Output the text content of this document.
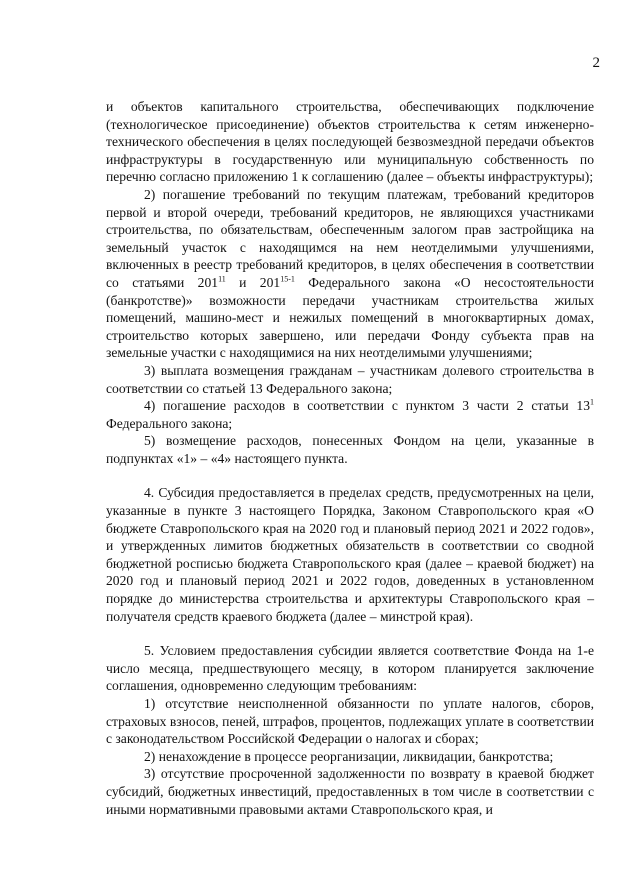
2

и объектов капитального строительства, обеспечивающих подключение (технологическое присоединение) объектов строительства к сетям инженерно-технического обеспечения в целях последующей безвозмездной передачи объектов инфраструктуры в государственную или муниципальную собственность по перечню согласно приложению 1 к соглашению (далее – объекты инфраструктуры);

2) погашение требований по текущим платежам, требований кредиторов первой и второй очереди, требований кредиторов, не являющихся участниками строительства, по обязательствам, обеспеченным залогом прав застройщика на земельный участок с находящимся на нем неотделимыми улучшениями, включенных в реестр требований кредиторов, в целях обеспечения в соответствии со статьями $201^{11}$ и 201$^{15-1}$ Федерального закона «О несостоятельности (банкротстве)» возможности передачи участникам строительства жилых помещений, машино-мест и нежилых помещений в многоквартирных домах, строительство которых завершено, или передачи Фонду субъекта прав на земельные участки с находящимися на них неотделимыми улучшениями;

3) выплата возмещения гражданам – участникам долевого строительства в соответствии со статьей 13 Федерального закона;

4) погашение расходов в соответствии с пунктом 3 части 2 статьи $13^1$ Федерального закона;

5) возмещение расходов, понесенных Фондом на цели, указанные в подпунктах «1» – «4» настоящего пункта.

4. Субсидия предоставляется в пределах средств, предусмотренных на цели, указанные в пункте 3 настоящего Порядка, Законом Ставропольского края «О бюджете Ставропольского края на 2020 год и плановый период 2021 и 2022 годов», и утвержденных лимитов бюджетных обязательств в соответствии со сводной бюджетной росписью бюджета Ставропольского края (далее – краевой бюджет) на 2020 год и плановый период 2021 и 2022 годов, доведенных в установленном порядке до министерства строительства и архитектуры Ставропольского края – получателя средств краевого бюджета (далее – минстрой края).

5. Условием предоставления субсидии является соответствие Фонда на 1-е число месяца, предшествующего месяцу, в котором планируется заключение соглашения, одновременно следующим требованиям:

1) отсутствие неисполненной обязанности по уплате налогов, сборов, страховых взносов, пеней, штрафов, процентов, подлежащих уплате в соответствии с законодательством Российской Федерации о налогах и сборах;

2) ненахождение в процессе реорганизации, ликвидации, банкротства;

3) отсутствие просроченной задолженности по возврату в краевой бюджет субсидий, бюджетных инвестиций, предоставленных в том числе в соответствии с иными нормативными правовыми актами Ставропольского края, и
